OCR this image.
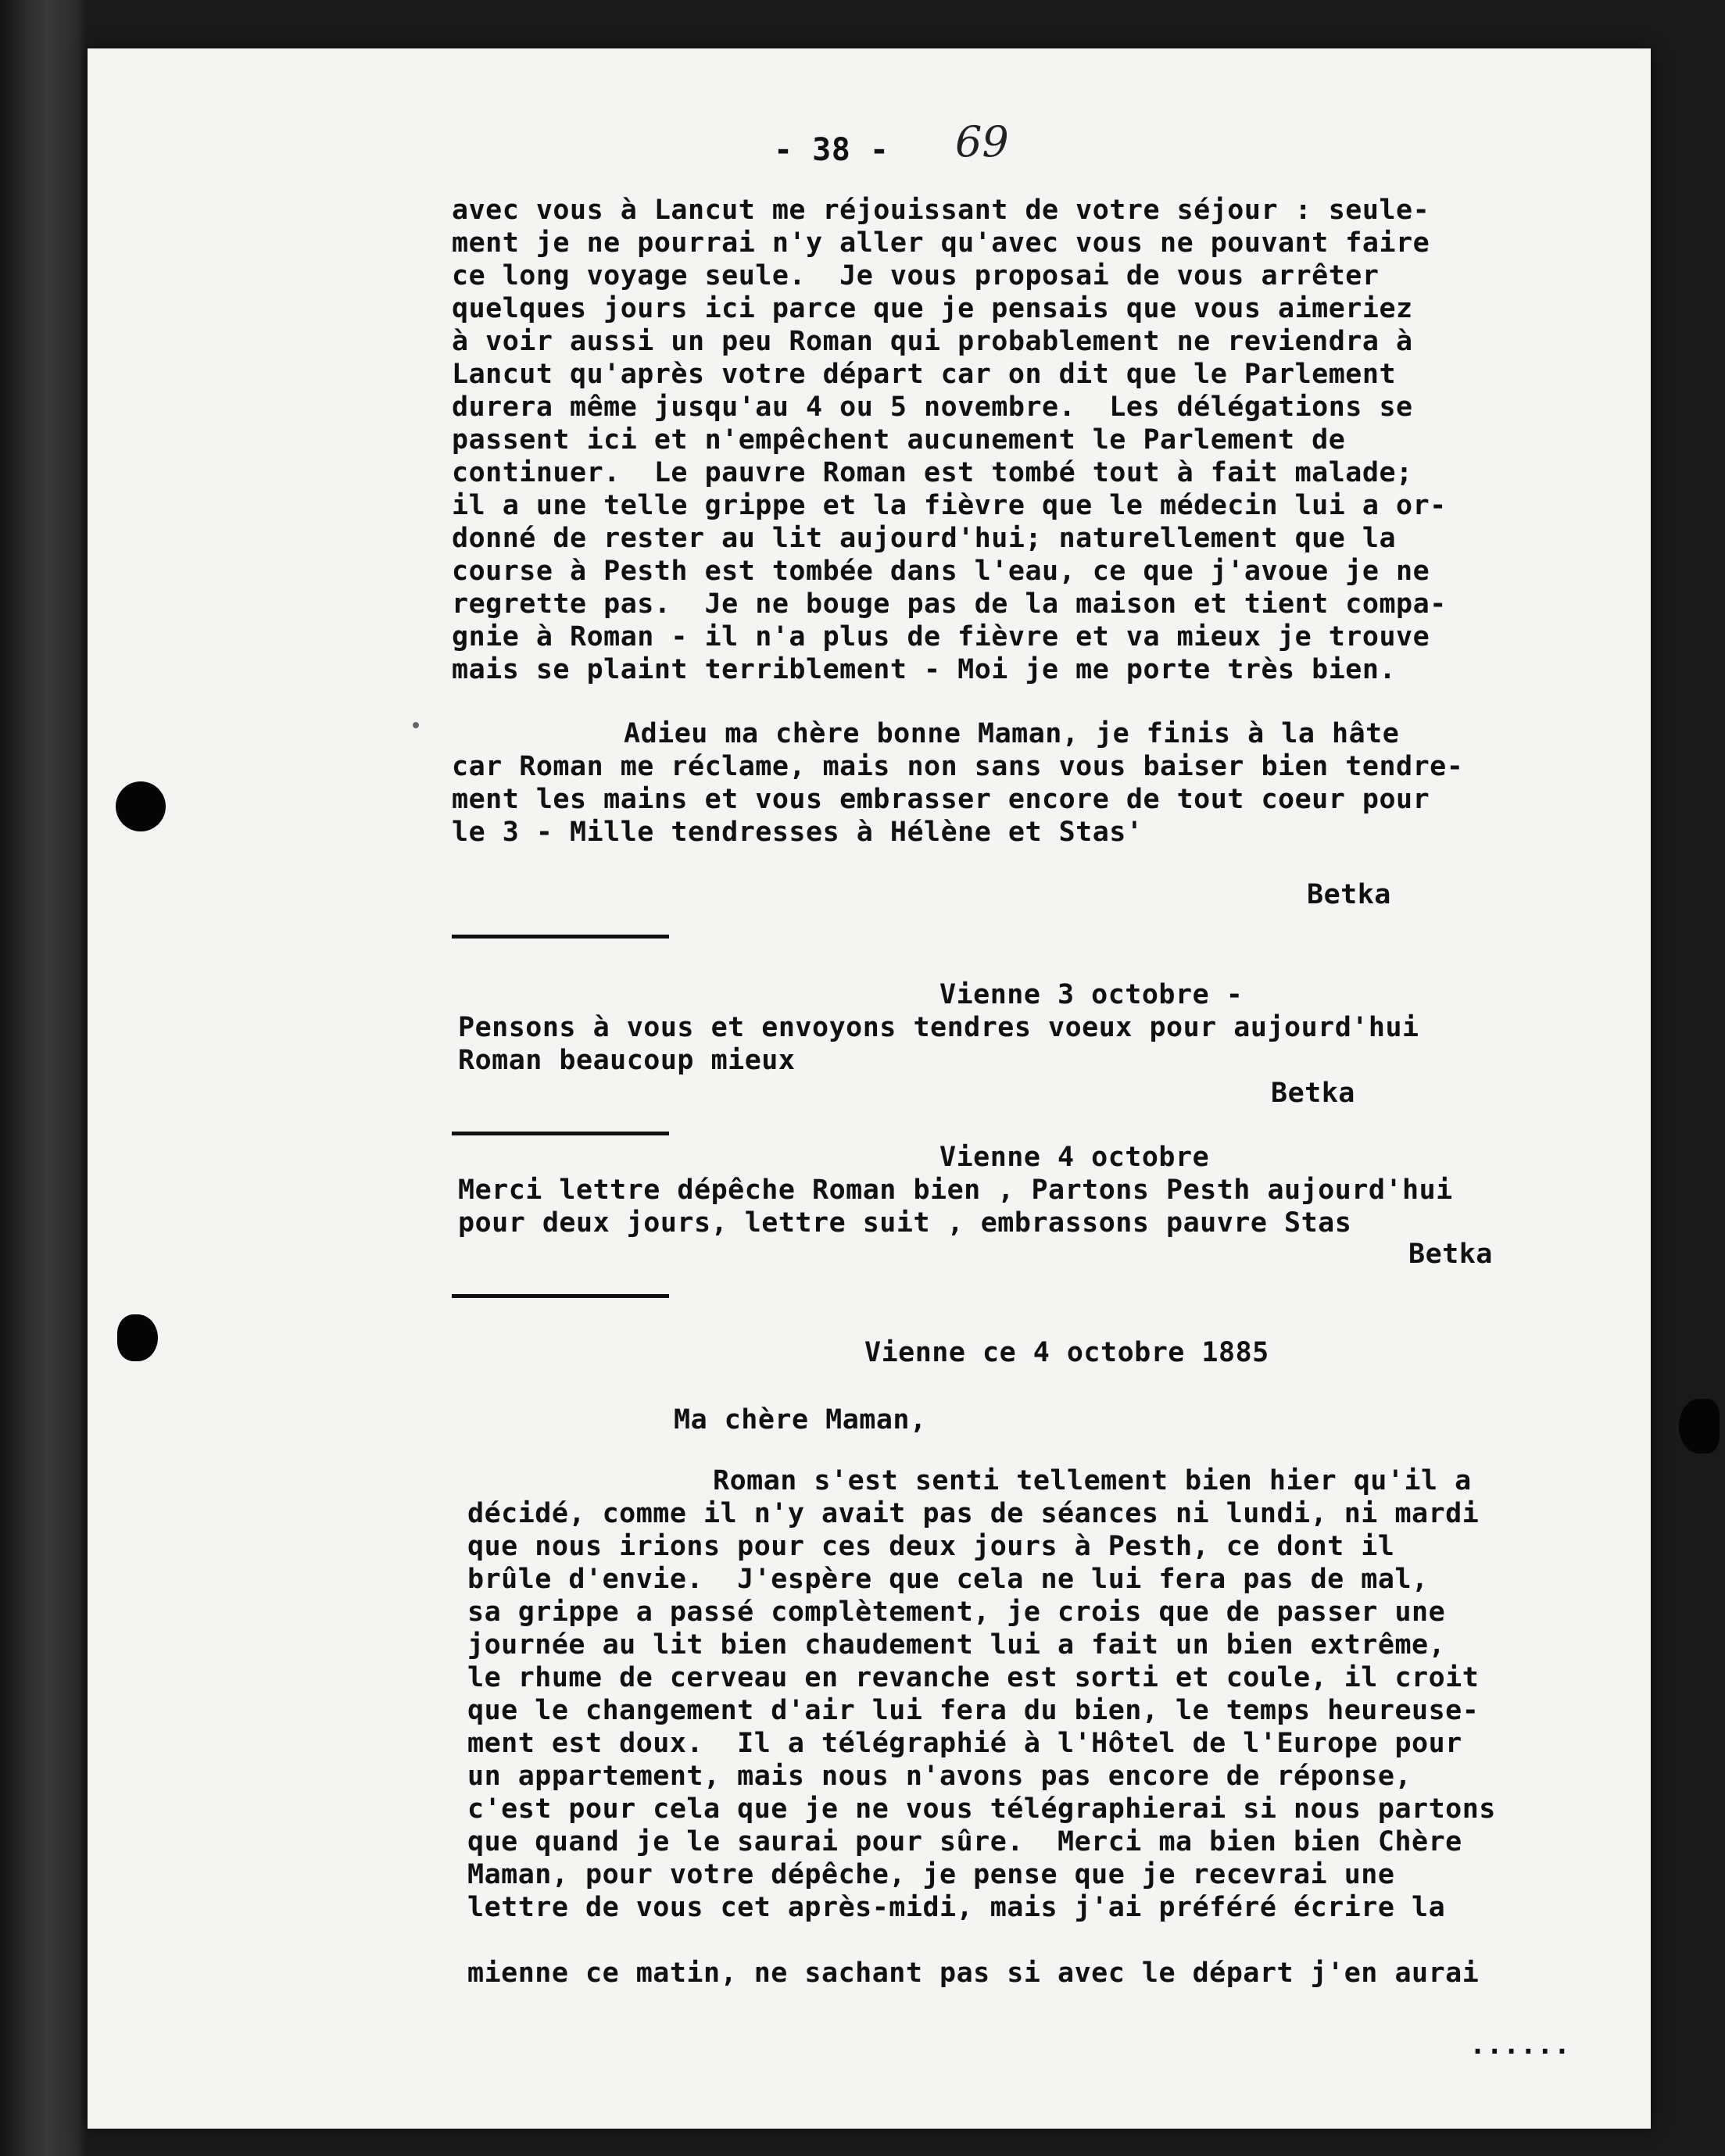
- 38 - 69
avec vous à Lancut me réjouissant de votre séjour : seule-
ment je ne pourrai n'y aller qu'avec vous ne pouvant faire
ce long voyage seule.  Je vous proposai de vous arrêter
quelques jours ici parce que je pensais que vous aimeriez
à voir aussi un peu Roman qui probablement ne reviendra à
Lancut qu'après votre départ car on dit que le Parlement
durera même jusqu'au 4 ou 5 novembre.  Les délégations se
passent ici et n'empêchent aucunement le Parlement de
continuer.  Le pauvre Roman est tombé tout à fait malade;
il a une telle grippe et la fièvre que le médecin lui a or-
donné de rester au lit aujourd'hui; naturellement que la
course à Pesth est tombée dans l'eau, ce que j'avoue je ne
regrette pas.  Je ne bouge pas de la maison et tient compa-
gnie à Roman - il n'a plus de fièvre et va mieux je trouve
mais se plaint terriblement - Moi je me porte très bien.
Adieu ma chère bonne Maman, je finis à la hâte
car Roman me réclame, mais non sans vous baiser bien tendre-
ment les mains et vous embrasser encore de tout coeur pour
le 3 - Mille tendresses à Hélène et Stas'
Betka
Vienne 3 octobre -
Pensons à vous et envoyons tendres voeux pour aujourd'hui
Roman beaucoup mieux
Betka
Vienne 4 octobre
Merci lettre dépêche Roman bien , Partons Pesth aujourd'hui
pour deux jours, lettre suit , embrassons pauvre Stas
Betka
Vienne ce 4 octobre 1885
Ma chère Maman,
Roman s'est senti tellement bien hier qu'il a
décidé, comme il n'y avait pas de séances ni lundi, ni mardi
que nous irions pour ces deux jours à Pesth, ce dont il
brûle d'envie.  J'espère que cela ne lui fera pas de mal,
sa grippe a passé complètement, je crois que de passer une
journée au lit bien chaudement lui a fait un bien extrême,
le rhume de cerveau en revanche est sorti et coule, il croit
que le changement d'air lui fera du bien, le temps heureuse-
ment est doux.  Il a télégraphié à l'Hôtel de l'Europe pour
un appartement, mais nous n'avons pas encore de réponse,
c'est pour cela que je ne vous télégraphierai si nous partons
que quand je le saurai pour sûre.  Merci ma bien bien Chère
Maman, pour votre dépêche, je pense que je recevrai une
lettre de vous cet après-midi, mais j'ai préféré écrire la
mienne ce matin, ne sachant pas si avec le départ j'en aurai
......
